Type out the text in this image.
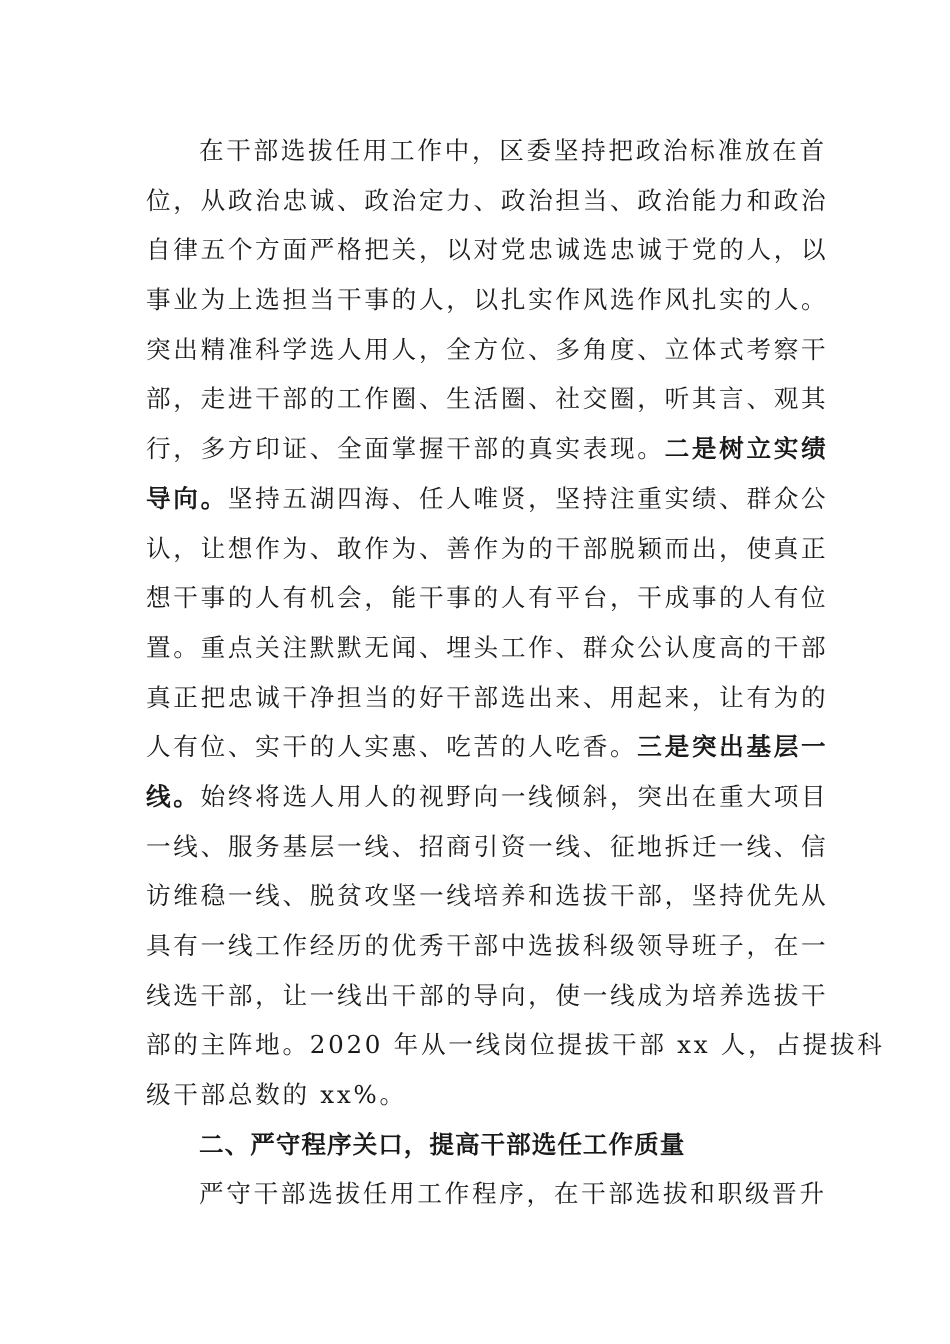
在干部选拔任用工作中，区委坚持把政治标准放在首
位，从政治忠诚、政治定力、政治担当、政治能力和政治
自律五个方面严格把关，以对党忠诚选忠诚于党的人，以
事业为上选担当干事的人，以扎实作风选作风扎实的人。
突出精准科学选人用人，全方位、多角度、立体式考察干
部，走进干部的工作圈、生活圈、社交圈，听其言、观其
行，多方印证、全面掌握干部的真实表现。二是树立实绩
导向。坚持五湖四海、任人唯贤，坚持注重实绩、群众公
认，让想作为、敢作为、善作为的干部脱颖而出，使真正
想干事的人有机会，能干事的人有平台，干成事的人有位
置。重点关注默默无闻、埋头工作、群众公认度高的干部
真正把忠诚干净担当的好干部选出来、用起来，让有为的
人有位、实干的人实惠、吃苦的人吃香。三是突出基层一
线。始终将选人用人的视野向一线倾斜，突出在重大项目
一线、服务基层一线、招商引资一线、征地拆迁一线、信
访维稳一线、脱贫攻坚一线培养和选拔干部，坚持优先从
具有一线工作经历的优秀干部中选拔科级领导班子，在一
线选干部，让一线出干部的导向，使一线成为培养选拔干
部的主阵地。2020 年从一线岗位提拔干部 xx 人，占提拔科
级干部总数的 xx%。
二、严守程序关口，提高干部选任工作质量
严守干部选拔任用工作程序，在干部选拔和职级晋升
